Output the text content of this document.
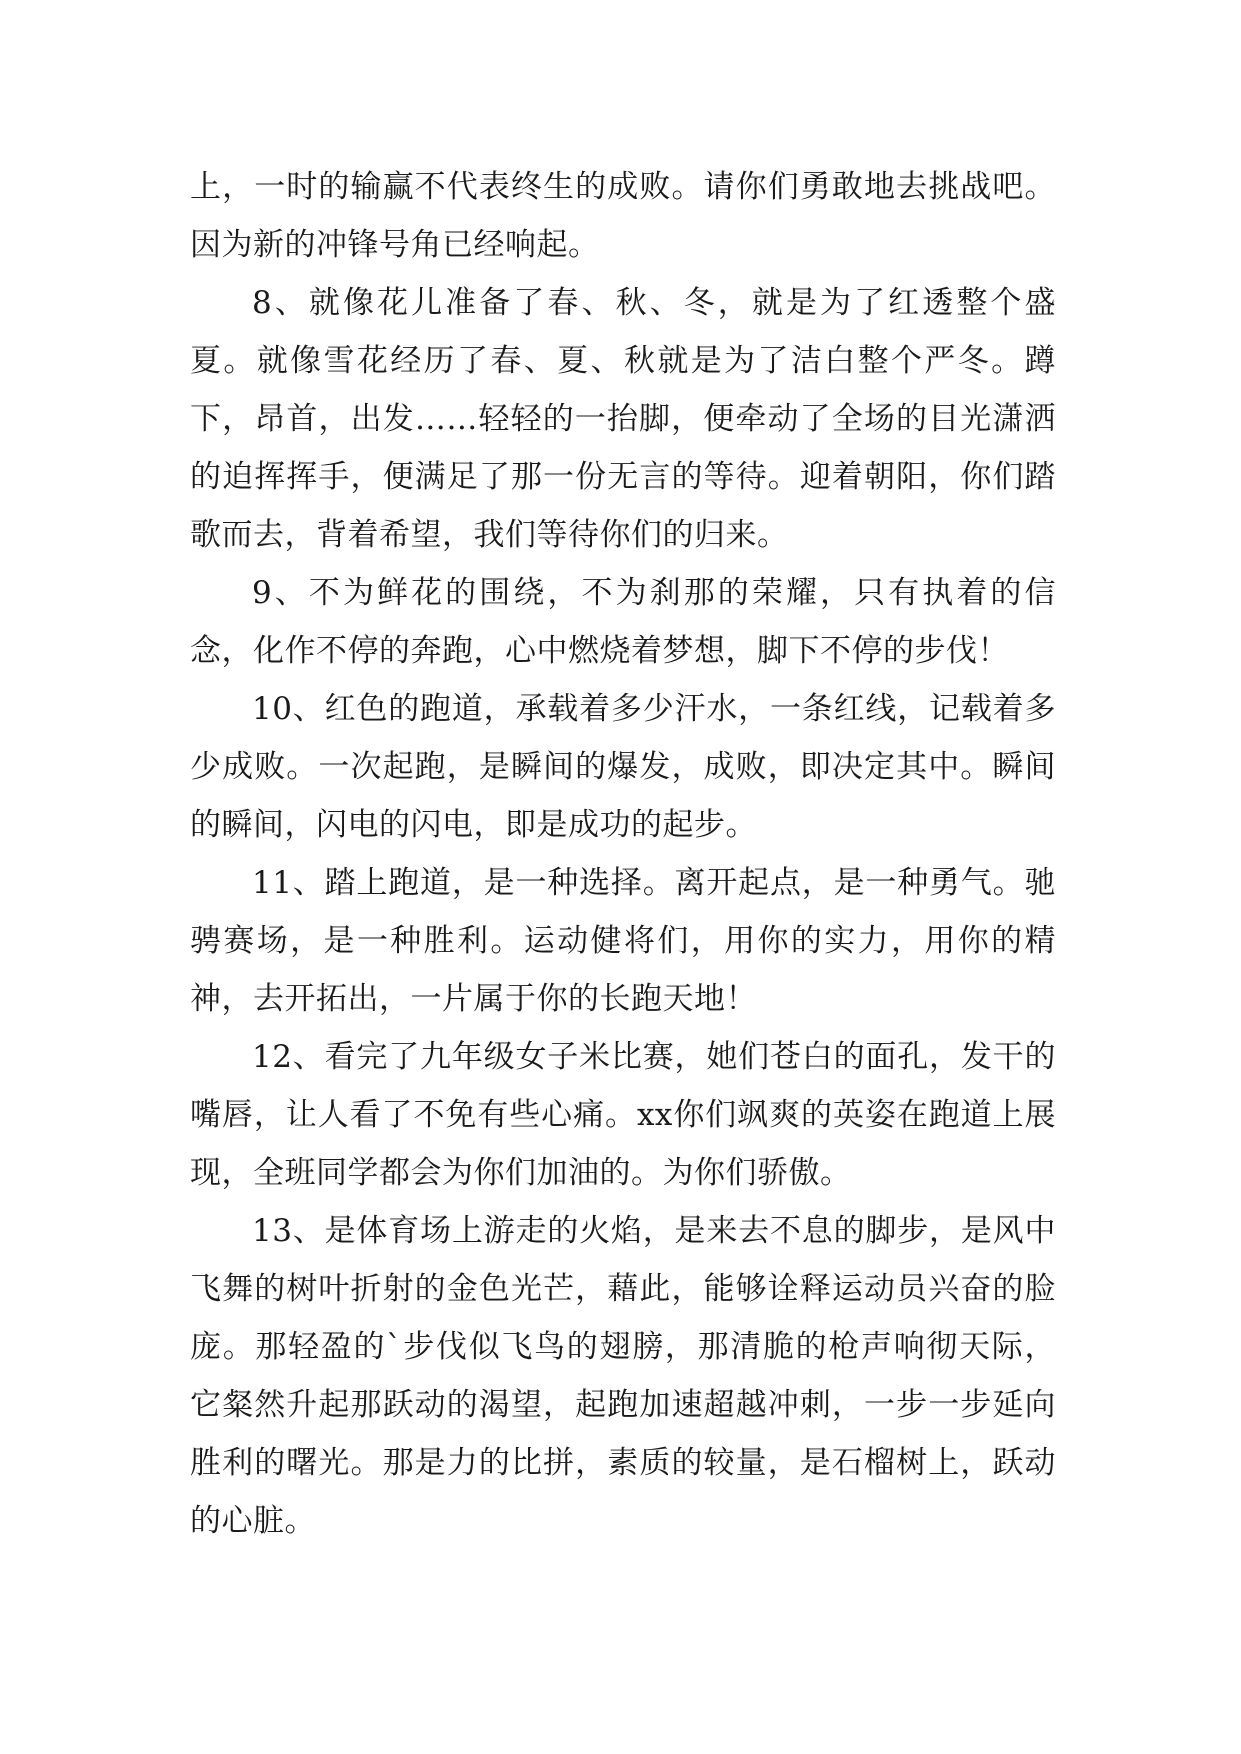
上，一时的输赢不代表终生的成败。请你们勇敢地去挑战吧。因为新的冲锋号角已经响起。

8、就像花儿准备了春、秋、冬，就是为了红透整个盛夏。就像雪花经历了春、夏、秋就是为了洁白整个严冬。蹲下，昂首，出发……轻轻的一抬脚，便牵动了全场的目光潇洒的迫挥挥手，便满足了那一份无言的等待。迎着朝阳，你们踏歌而去，背着希望，我们等待你们的归来。

9、不为鲜花的围绕，不为刹那的荣耀，只有执着的信念，化作不停的奔跑，心中燃烧着梦想，脚下不停的步伐！

10、红色的跑道，承载着多少汗水，一条红线，记载着多少成败。一次起跑，是瞬间的爆发，成败，即决定其中。瞬间的瞬间，闪电的闪电，即是成功的起步。

11、踏上跑道，是一种选择。离开起点，是一种勇气。驰骋赛场，是一种胜利。运动健将们，用你的实力，用你的精神，去开拓出，一片属于你的长跑天地！

12、看完了九年级女子米比赛，她们苍白的面孔，发干的嘴唇，让人看了不免有些心痛。xx你们飒爽的英姿在跑道上展现，全班同学都会为你们加油的。为你们骄傲。

13、是体育场上游走的火焰，是来去不息的脚步，是风中飞舞的树叶折射的金色光芒，藉此，能够诠释运动员兴奋的脸庞。那轻盈的`步伐似飞鸟的翅膀，那清脆的枪声响彻天际，它粲然升起那跃动的渴望，起跑加速超越冲刺，一步一步延向胜利的曙光。那是力的比拼，素质的较量，是石榴树上，跃动的心脏。
